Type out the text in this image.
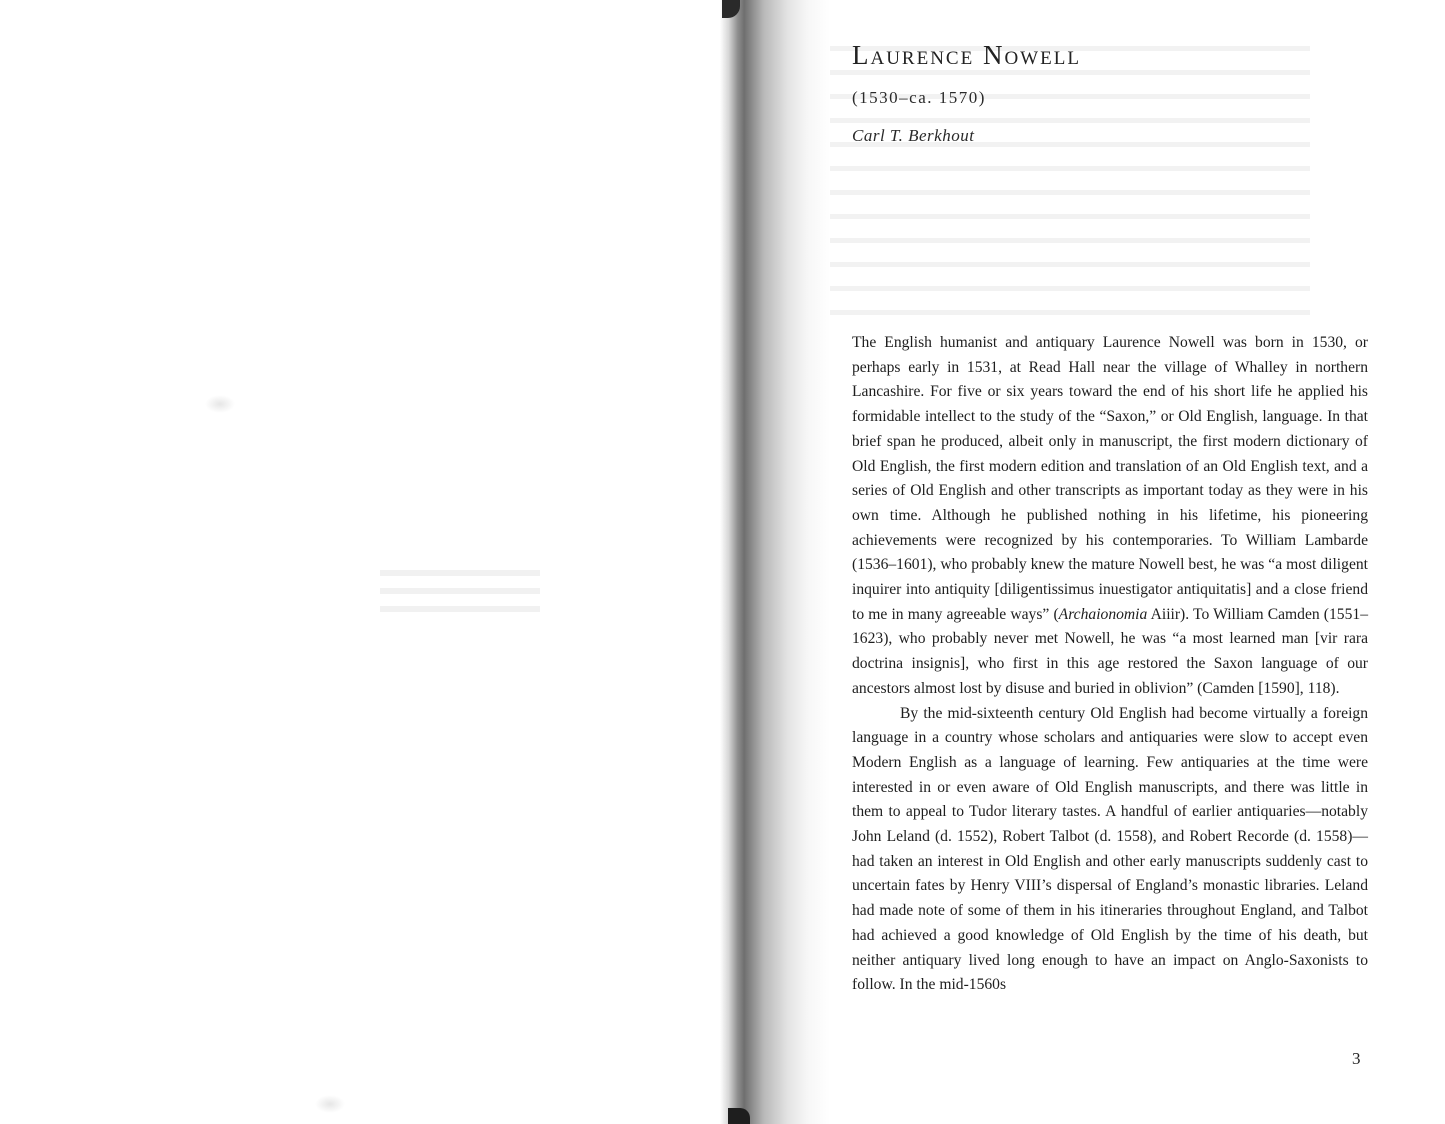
Laurence Nowell
(1530–ca. 1570)
Carl T. Berkhout

The English humanist and antiquary Laurence Nowell was born in 1530, or perhaps early in 1531, at Read Hall near the village of Whalley in northern Lancashire. For five or six years toward the end of his short life he applied his formidable intellect to the study of the “Saxon,” or Old English, language. In that brief span he produced, albeit only in manuscript, the first modern dictionary of Old English, the first modern edition and translation of an Old English text, and a series of Old English and other transcripts as important today as they were in his own time. Although he published nothing in his lifetime, his pioneering achievements were recognized by his contemporaries. To William Lambarde (1536–1601), who probably knew the mature Nowell best, he was “a most diligent inquirer into antiquity [diligentissimus inuestigator antiquitatis] and a close friend to me in many agreeable ways” (Archaionomia Aiiir). To William Camden (1551–1623), who probably never met Nowell, he was “a most learned man [vir rara doctrina insignis], who first in this age restored the Saxon language of our ancestors almost lost by disuse and buried in oblivion” (Camden [1590], 118).

By the mid-sixteenth century Old English had become virtually a foreign language in a country whose scholars and antiquaries were slow to accept even Modern English as a language of learning. Few antiquaries at the time were interested in or even aware of Old English manuscripts, and there was little in them to appeal to Tudor literary tastes. A handful of earlier antiquaries—notably John Leland (d. 1552), Robert Talbot (d. 1558), and Robert Recorde (d. 1558)—had taken an interest in Old English and other early manuscripts suddenly cast to uncertain fates by Henry VIII’s dispersal of England’s monastic libraries. Leland had made note of some of them in his itineraries throughout England, and Talbot had achieved a good knowledge of Old English by the time of his death, but neither antiquary lived long enough to have an impact on Anglo-Saxonists to follow. In the mid-1560s

3
